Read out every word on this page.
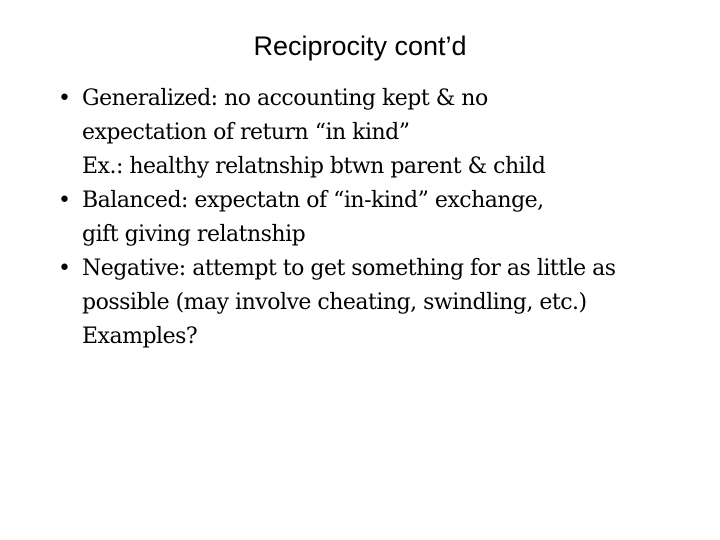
Reciprocity cont’d
• Generalized: no accounting kept & no
expectation of return “in kind”
Ex.: healthy relatnship btwn parent & child
• Balanced: expectatn of “in-kind” exchange,
gift giving relatnship
• Negative: attempt to get something for as little as
possible (may involve cheating, swindling, etc.)
Examples?
